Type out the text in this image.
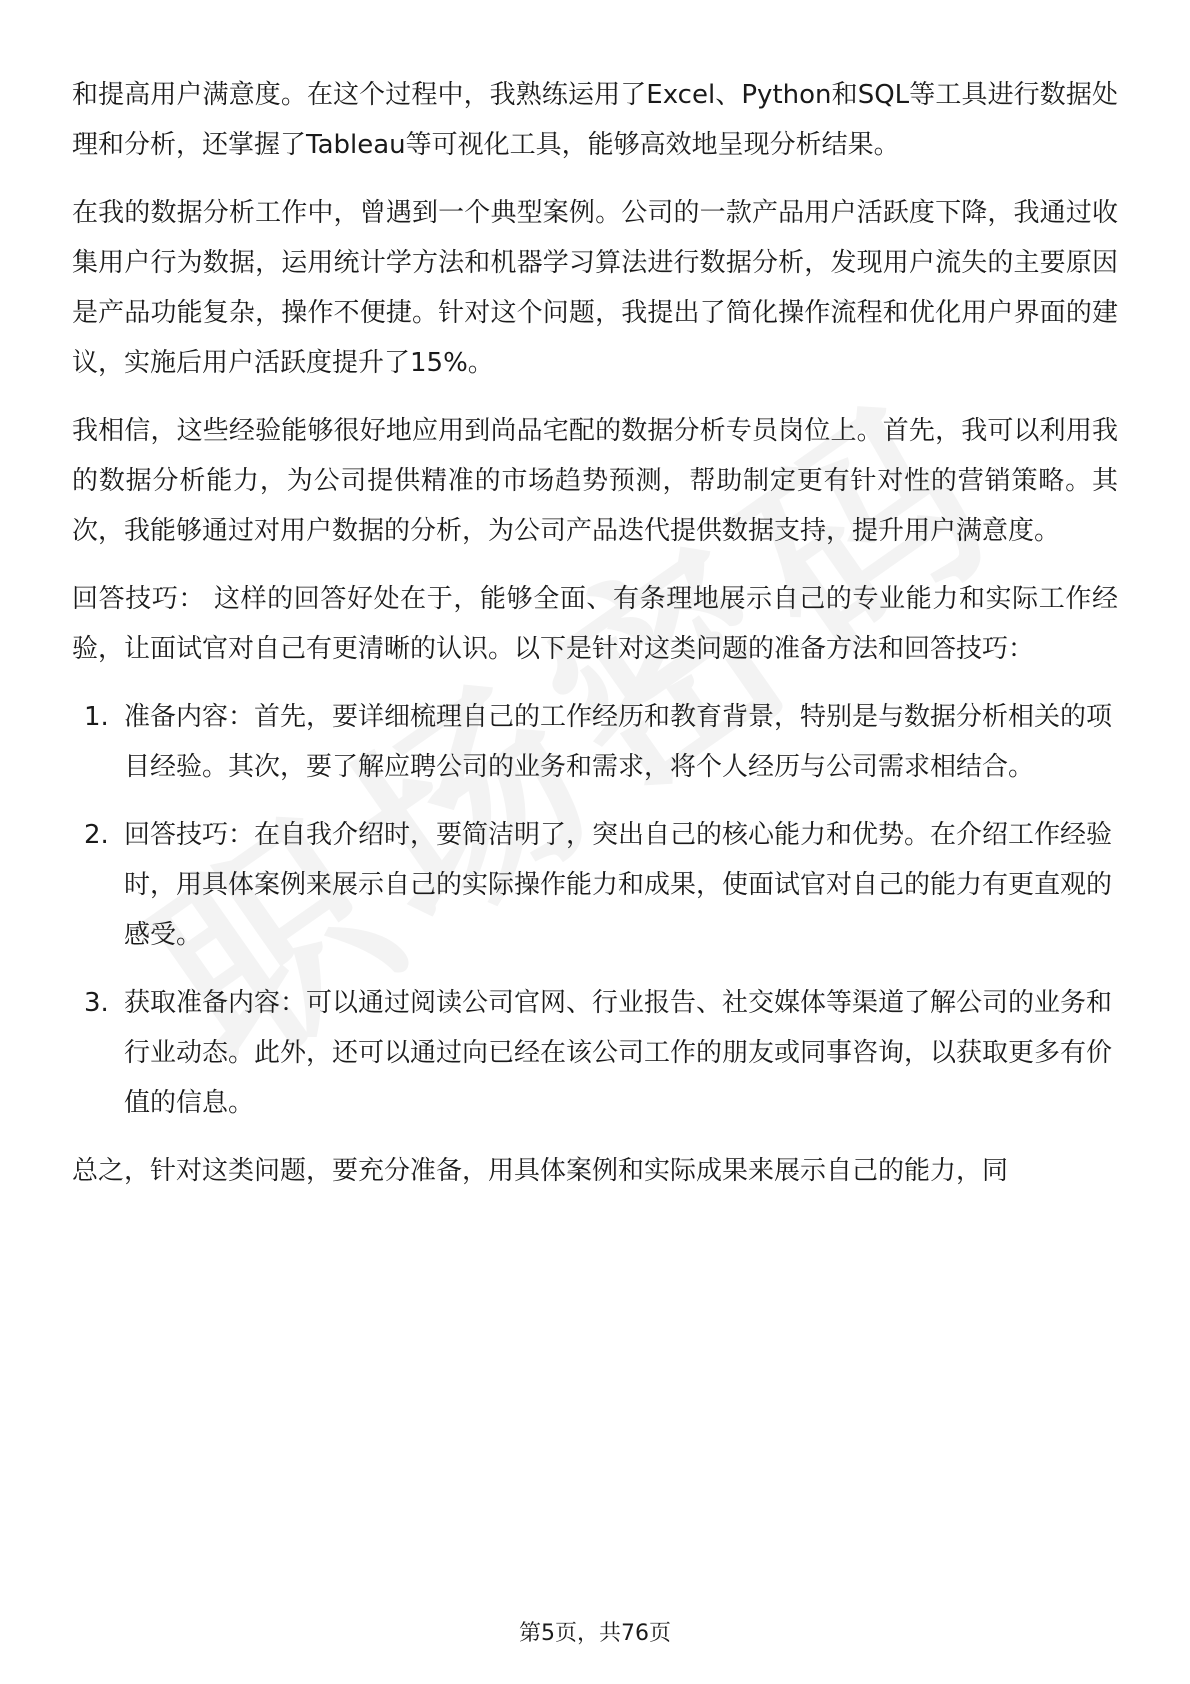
和提高用户满意度。在这个过程中，我熟练运用了Excel、Python和SQL等工具进行数据处理和分析，还掌握了Tableau等可视化工具，能够高效地呈现分析结果。

在我的数据分析工作中，曾遇到一个典型案例。公司的一款产品用户活跃度下降，我通过收集用户行为数据，运用统计学方法和机器学习算法进行数据分析，发现用户流失的主要原因是产品功能复杂，操作不便捷。针对这个问题，我提出了简化操作流程和优化用户界面的建议，实施后用户活跃度提升了15%。

我相信，这些经验能够很好地应用到尚品宅配的数据分析专员岗位上。首先，我可以利用我的数据分析能力，为公司提供精准的市场趋势预测，帮助制定更有针对性的营销策略。其次，我能够通过对用户数据的分析，为公司产品迭代提供数据支持，提升用户满意度。

回答技巧： 这样的回答好处在于，能够全面、有条理地展示自己的专业能力和实际工作经验，让面试官对自己有更清晰的认识。以下是针对这类问题的准备方法和回答技巧：

1. 准备内容：首先，要详细梳理自己的工作经历和教育背景，特别是与数据分析相关的项目经验。其次，要了解应聘公司的业务和需求，将个人经历与公司需求相结合。
2. 回答技巧：在自我介绍时，要简洁明了，突出自己的核心能力和优势。在介绍工作经验时，用具体案例来展示自己的实际操作能力和成果，使面试官对自己的能力有更直观的感受。
3. 获取准备内容：可以通过阅读公司官网、行业报告、社交媒体等渠道了解公司的业务和行业动态。此外，还可以通过向已经在该公司工作的朋友或同事咨询，以获取更多有价值的信息。

总之，针对这类问题，要充分准备，用具体案例和实际成果来展示自己的能力，同

第5页，共76页
